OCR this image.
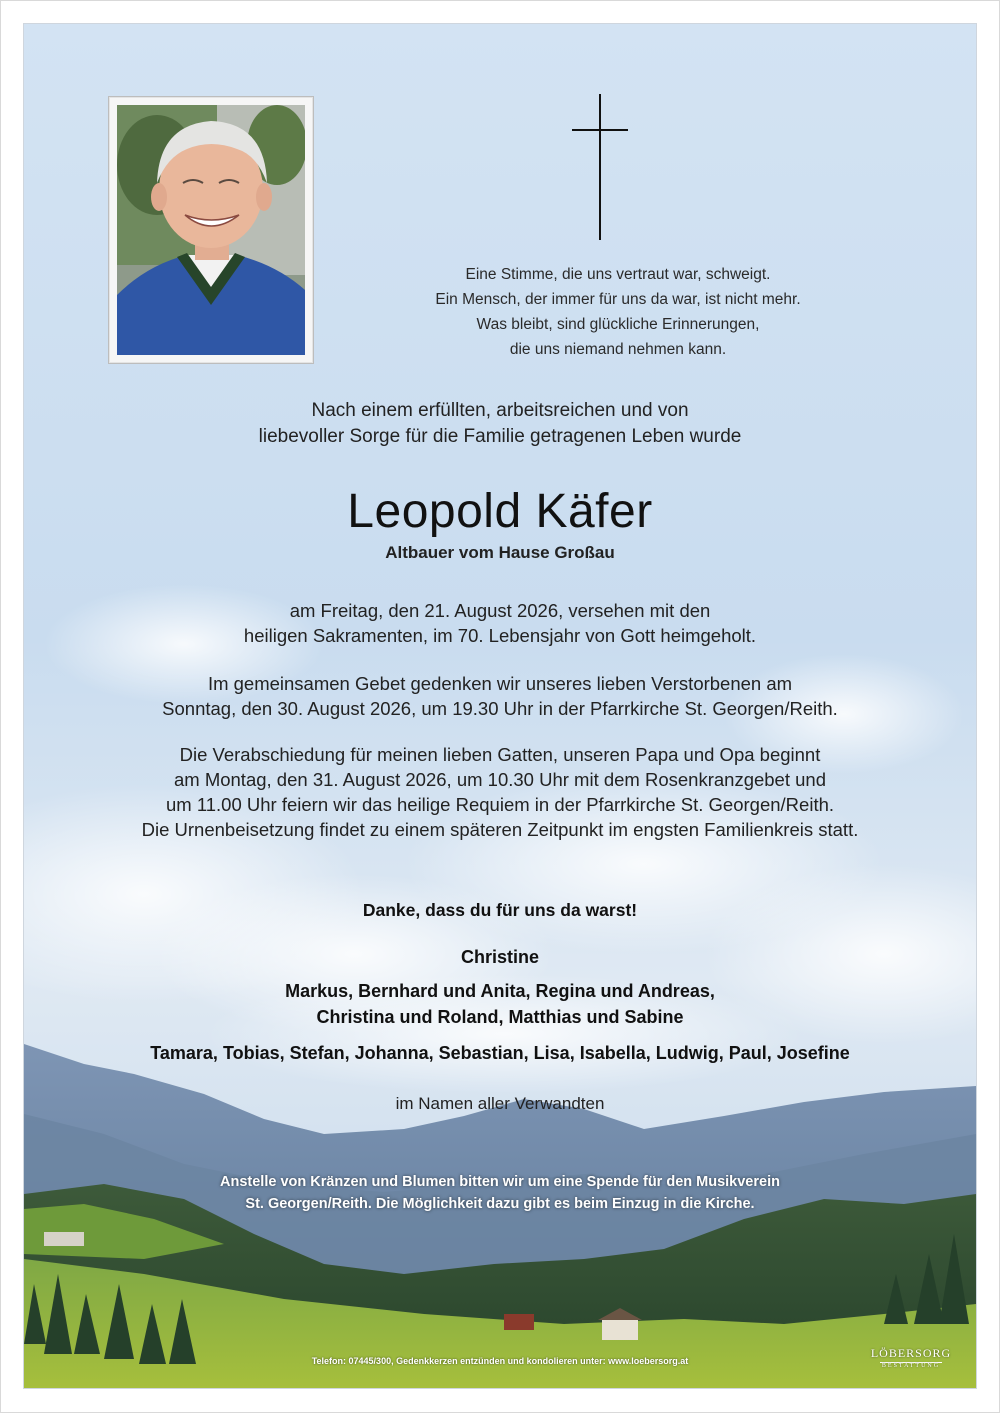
Eine Stimme, die uns vertraut war, schweigt.
Ein Mensch, der immer für uns da war, ist nicht mehr.
Was bleibt, sind glückliche Erinnerungen,
die uns niemand nehmen kann.
Nach einem erfüllten, arbeitsreichen und von
liebevoller Sorge für die Familie getragenen Leben wurde
Leopold Käfer
Altbauer vom Hause Großau
am Freitag, den 21. August 2026, versehen mit den
heiligen Sakramenten, im 70. Lebensjahr von Gott heimgeholt.
Im gemeinsamen Gebet gedenken wir unseres lieben Verstorbenen am
Sonntag, den 30. August 2026, um 19.30 Uhr in der Pfarrkirche St. Georgen/Reith.
Die Verabschiedung für meinen lieben Gatten, unseren Papa und Opa beginnt
am Montag, den 31. August 2026, um 10.30 Uhr mit dem Rosenkranzgebet und
um 11.00 Uhr feiern wir das heilige Requiem in der Pfarrkirche St. Georgen/Reith.
Die Urnenbeisetzung findet zu einem späteren Zeitpunkt im engsten Familienkreis statt.
Danke, dass du für uns da warst!
Christine
Markus, Bernhard und Anita, Regina und Andreas,
Christina und Roland, Matthias und Sabine
Tamara, Tobias, Stefan, Johanna, Sebastian, Lisa, Isabella, Ludwig, Paul, Josefine
im Namen aller Verwandten
Anstelle von Kränzen und Blumen bitten wir um eine Spende für den Musikverein
St. Georgen/Reith. Die Möglichkeit dazu gibt es beim Einzug in die Kirche.
Telefon: 07445/300, Gedenkkerzen entzünden und kondolieren unter: www.loebersorg.at
LÖBERSORG
BESTATTUNG
